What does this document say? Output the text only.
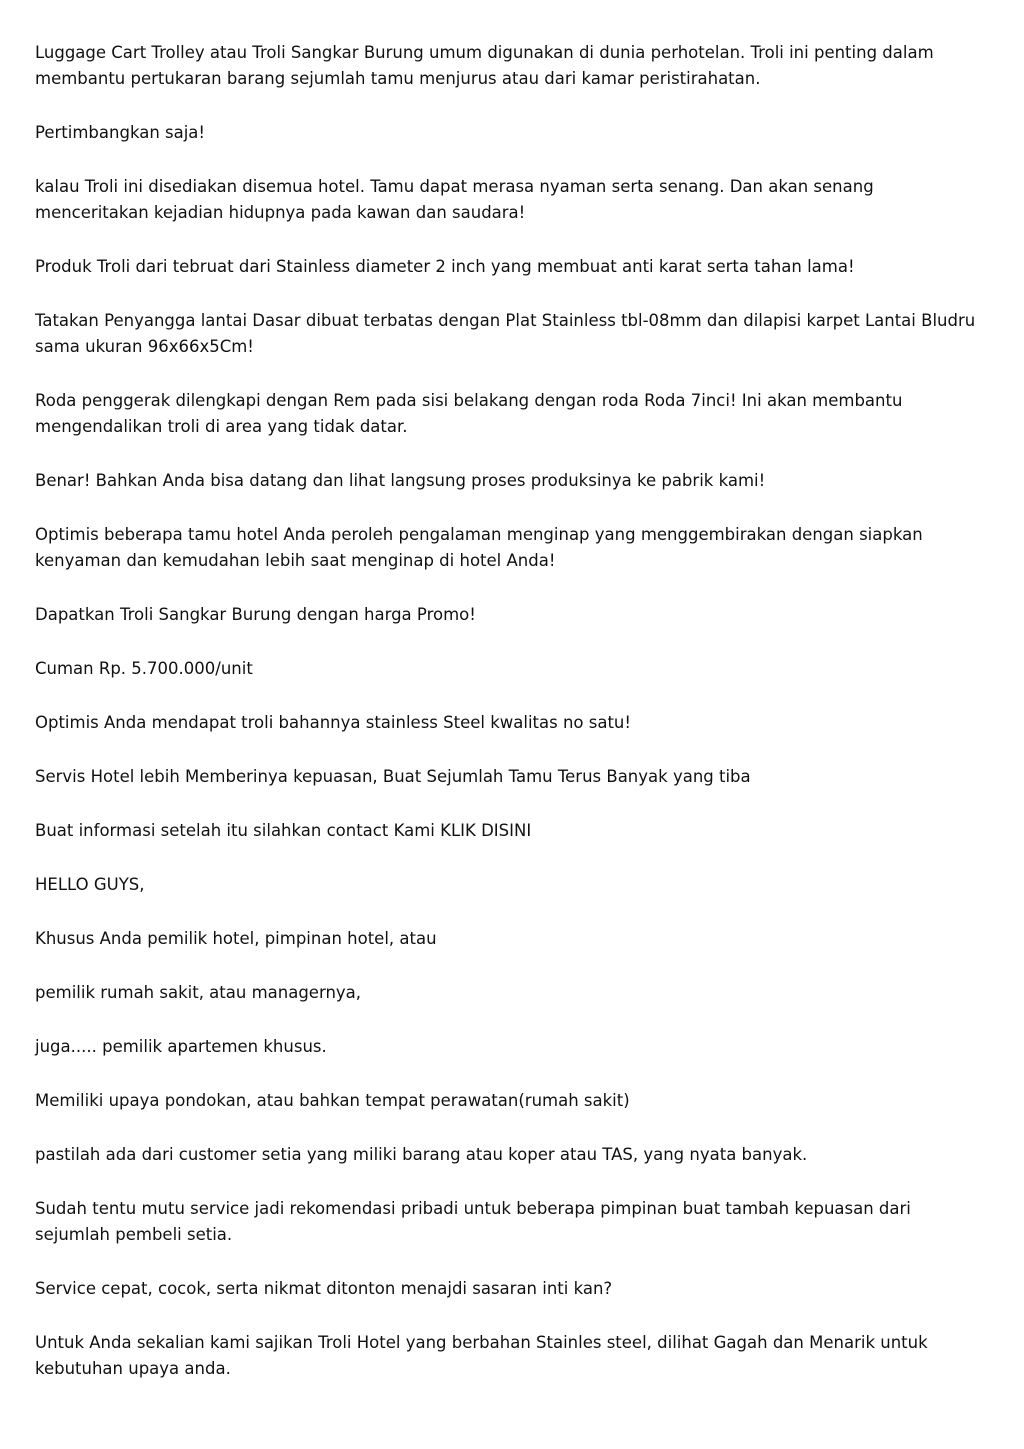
Luggage Cart Trolley atau Troli Sangkar Burung umum digunakan di dunia perhotelan. Troli ini penting dalam membantu pertukaran barang sejumlah tamu menjurus atau dari kamar peristirahatan.

Pertimbangkan saja!

kalau Troli ini disediakan disemua hotel. Tamu dapat merasa nyaman serta senang. Dan akan senang menceritakan kejadian hidupnya pada kawan dan saudara!

Produk Troli dari tebruat dari Stainless diameter 2 inch yang membuat anti karat serta tahan lama!

Tatakan Penyangga lantai Dasar dibuat terbatas dengan Plat Stainless tbl-08mm dan dilapisi karpet Lantai Bludru sama ukuran 96x66x5Cm!

Roda penggerak dilengkapi dengan Rem pada sisi belakang dengan roda Roda 7inci! Ini akan membantu mengendalikan troli di area yang tidak datar.

Benar! Bahkan Anda bisa datang dan lihat langsung proses produksinya ke pabrik kami!

Optimis beberapa tamu hotel Anda peroleh pengalaman menginap yang menggembirakan dengan siapkan kenyaman dan kemudahan lebih saat menginap di hotel Anda!

Dapatkan Troli Sangkar Burung dengan harga Promo!

Cuman Rp. 5.700.000/unit

Optimis Anda mendapat troli bahannya stainless Steel kwalitas no satu!

Servis Hotel lebih Memberinya kepuasan, Buat Sejumlah Tamu Terus Banyak yang tiba

Buat informasi setelah itu silahkan contact Kami KLIK DISINI

HELLO GUYS,

Khusus Anda pemilik hotel, pimpinan hotel, atau

pemilik rumah sakit, atau managernya,

juga..... pemilik apartemen khusus.

Memiliki upaya pondokan, atau bahkan tempat perawatan(rumah sakit)

pastilah ada dari customer setia yang miliki barang atau koper atau TAS, yang nyata banyak.

Sudah tentu mutu service jadi rekomendasi pribadi untuk beberapa pimpinan buat tambah kepuasan dari sejumlah pembeli setia.

Service cepat, cocok, serta nikmat ditonton menajdi sasaran inti kan?

Untuk Anda sekalian kami sajikan Troli Hotel yang berbahan Stainles steel, dilihat Gagah dan Menarik untuk kebutuhan upaya anda.
